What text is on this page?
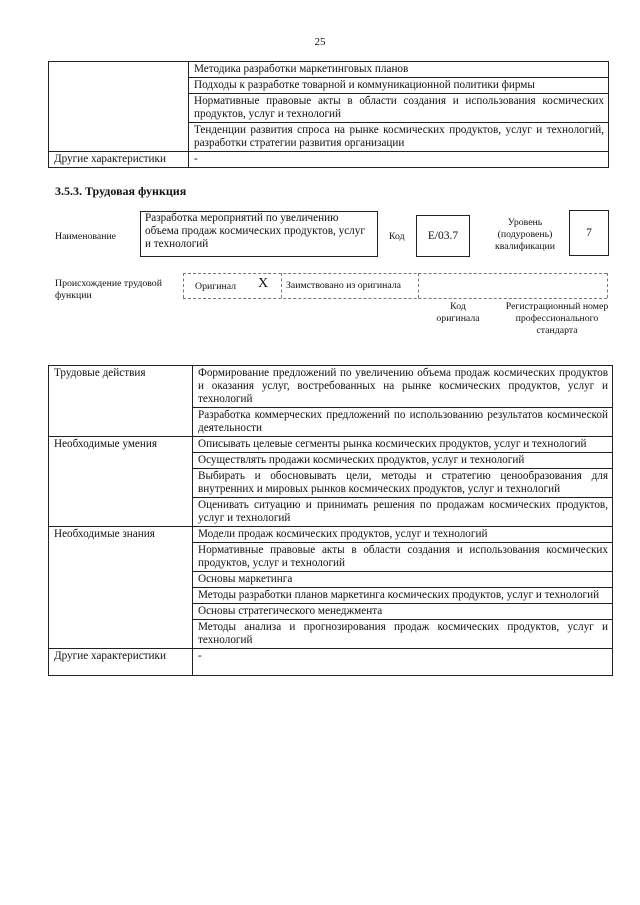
25
	Методика разработки маркетинговых планов
	Подходы к разработке товарной и коммуникационной политики фирмы
	Нормативные правовые акты в области создания и использования космических продуктов, услуг и технологий
	Тенденции развития спроса на рынке космических продуктов, услуг и технологий, разработки стратегии развития организации
Другие характеристики	-
3.5.3. Трудовая функция
Наименование
Разработка мероприятий по увеличению объема продаж космических продуктов, услуг и технологий
Код	E/03.7
Уровень (подуровень) квалификации
7
Происхождение трудовой функции
Оригинал X Заимствовано из оригинала
Код оригинала
Регистрационный номер профессионального стандарта
Трудовые действия	Формирование предложений по увеличению объема продаж космических продуктов и оказания услуг, востребованных на рынке космических продуктов, услуг и технологий
	Разработка коммерческих предложений по использованию результатов космической деятельности
Необходимые умения	Описывать целевые сегменты рынка космических продуктов, услуг и технологий
	Осуществлять продажи космических продуктов, услуг и технологий
	Выбирать и обосновывать цели, методы и стратегию ценообразования для внутренних и мировых рынков космических продуктов, услуг и технологий
	Оценивать ситуацию и принимать решения по продажам космических продуктов, услуг и технологий
Необходимые знания	Модели продаж космических продуктов, услуг и технологий
	Нормативные правовые акты в области создания и использования космических продуктов, услуг и технологий
	Основы маркетинга
	Методы разработки планов маркетинга космических продуктов, услуг и технологий
	Основы стратегического менеджмента
	Методы анализа и прогнозирования продаж космических продуктов, услуг и технологий
Другие характеристики	-
